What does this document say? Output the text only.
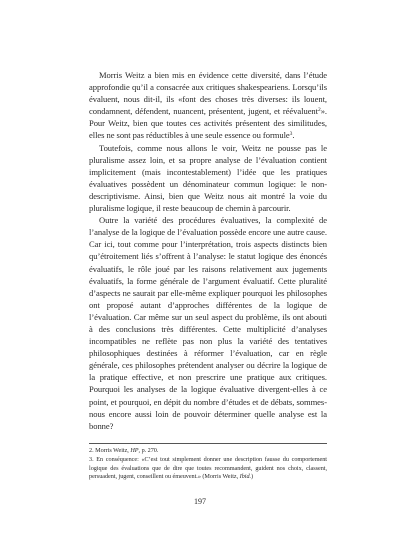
Morris Weitz a bien mis en évidence cette diversité, dans l’étude approfondie qu’il a consacrée aux critiques shakespeariens. Lorsqu’ils évaluent, nous dit-il, ils «font des choses très diverses: ils louent, condamnent, défendent, nuancent, présentent, jugent, et réévaluent$^2$». Pour Weitz, bien que toutes ces activités présentent des similitudes, elles ne sont pas réductibles à une seule essence ou formule$^3$.

Toutefois, comme nous allons le voir, Weitz ne pousse pas le pluralisme assez loin, et sa propre analyse de l’évaluation contient implicitement (mais incontestablement) l’idée que les pratiques évaluatives possèdent un dénominateur commun logique: le non-descriptivisme. Ainsi, bien que Weitz nous ait montré la voie du pluralisme logique, il reste beaucoup de chemin à parcourir.

Outre la variété des procédures évaluatives, la complexité de l’analyse de la logique de l’évaluation possède encore une autre cause. Car ici, tout comme pour l’interprétation, trois aspects distincts bien qu’étroitement liés s’offrent à l’analyse: le statut logique des énoncés évaluatifs, le rôle joué par les raisons relativement aux jugements évaluatifs, la forme générale de l’argument évaluatif. Cette pluralité d’aspects ne saurait par elle-même expliquer pourquoi les philosophes ont proposé autant d’approches différentes de la logique de l’évaluation. Car même sur un seul aspect du problème, ils ont abouti à des conclusions très différentes. Cette multiplicité d’analyses incompatibles ne reflète pas non plus la variété des tentatives philosophiques destinées à réformer l’évaluation, car en règle générale, ces philosophes prétendent analyser ou décrire la logique de la pratique effective, et non prescrire une pratique aux critiques. Pourquoi les analyses de la logique évaluative divergent-elles à ce point, et pourquoi, en dépit du nombre d’études et de débats, sommes-nous encore aussi loin de pouvoir déterminer quelle analyse est la bonne?

2. Morris Weitz, HP, p. 270.

3. En conséquence: «C’est tout simplement donner une description fausse du comportement logique des évaluations que de dire que toutes recommandent, guident nos choix, classent, persuadent, jugent, conseillent ou émeuvent.» (Morris Weitz, Ibid.)

197
